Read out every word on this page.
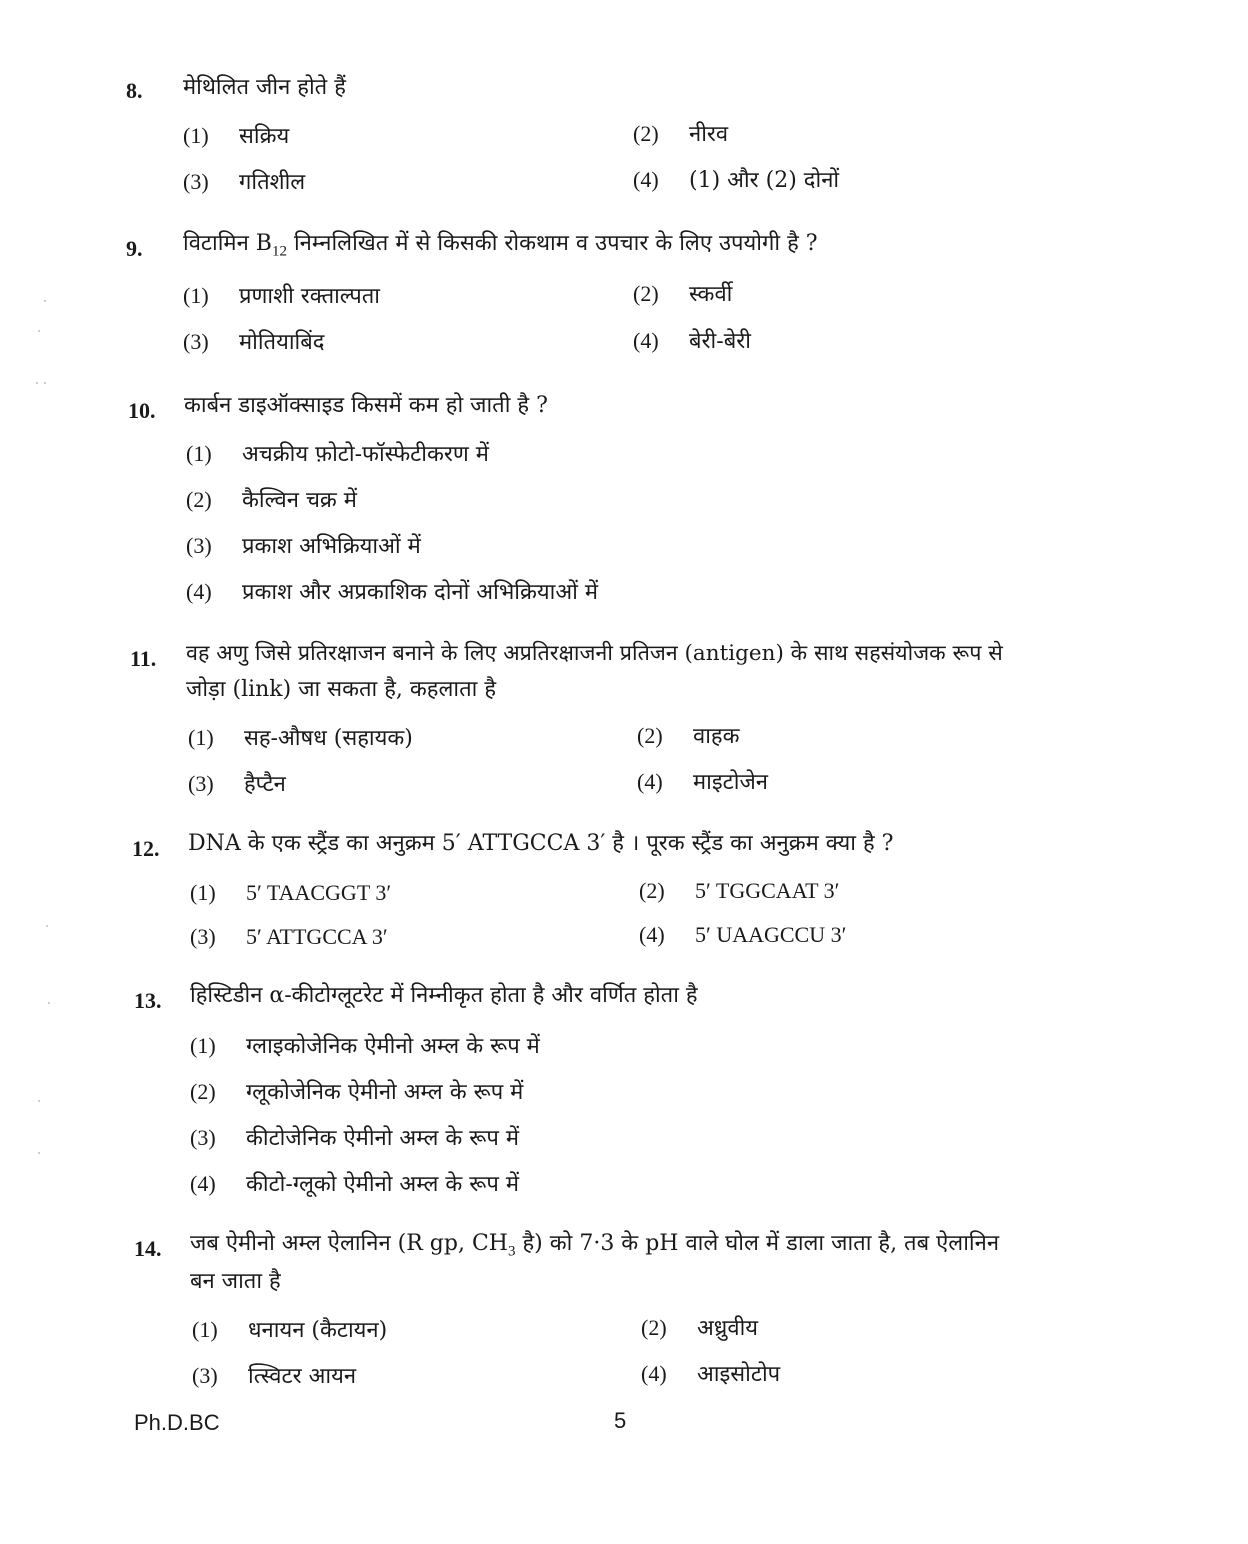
8. मेथिलित जीन होते हैं
(1) सक्रिय	(2) नीरव
(3) गतिशील	(4) (1) और (2) दोनों
9. विटामिन $B_{12}$ निम्नलिखित में से किसकी रोकथाम व उपचार के लिए उपयोगी है ?
(1) प्रणाशी रक्ताल्पता	(2) स्कर्वी
(3) मोतियाबिंद	(4) बेरी-बेरी
10. कार्बन डाइऑक्साइड किसमें कम हो जाती है ?
(1) अचक्रीय फ़ोटो-फॉस्फेटीकरण में
(2) कैल्विन चक्र में
(3) प्रकाश अभिक्रियाओं में
(4) प्रकाश और अप्रकाशिक दोनों अभिक्रियाओं में
11. वह अणु जिसे प्रतिरक्षाजन बनाने के लिए अप्रतिरक्षाजनी प्रतिजन (antigen) के साथ सहसंयोजक रूप से
जोड़ा (link) जा सकता है, कहलाता है
(1) सह-औषध (सहायक)	(2) वाहक
(3) हैप्टैन	(4) माइटोजेन
12. DNA के एक स्ट्रैंड का अनुक्रम 5′ ATTGCCA 3′ है । पूरक स्ट्रैंड का अनुक्रम क्या है ?
(1) 5′ TAACGGT 3′	(2) 5′ TGGCAAT 3′
(3) 5′ ATTGCCA 3′	(4) 5′ UAAGCCU 3′
13. हिस्टिडीन α-कीटोग्लूटरेट में निम्नीकृत होता है और वर्णित होता है
(1) ग्लाइकोजेनिक ऐमीनो अम्ल के रूप में
(2) ग्लूकोजेनिक ऐमीनो अम्ल के रूप में
(3) कीटोजेनिक ऐमीनो अम्ल के रूप में
(4) कीटो-ग्लूको ऐमीनो अम्ल के रूप में
14. जब ऐमीनो अम्ल ऐलानिन (R gp, $CH_3$ है) को 7·3 के pH वाले घोल में डाला जाता है, तब ऐलानिन
बन जाता है
(1) धनायन (कैटायन)	(2) अध्रुवीय
(3) त्स्विटर आयन	(4) आइसोटोप
Ph.D.BC	5
